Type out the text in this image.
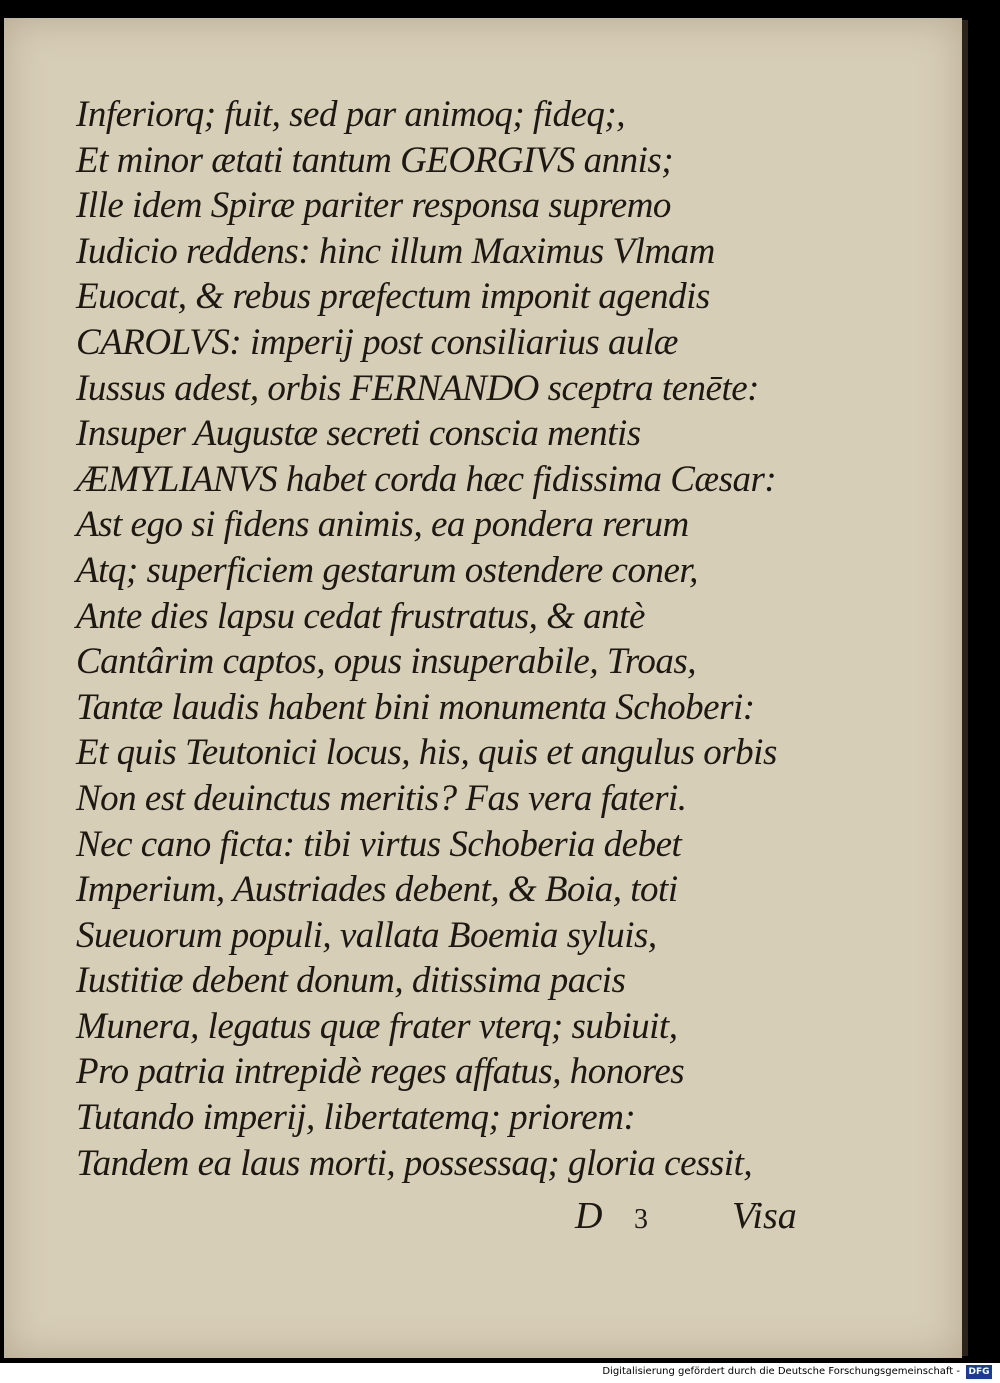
Inferiorq; fuit, sed par animoq; fideq;,
Et minor ætati tantum GEORGIVS annis;
Ille idem Spiræ pariter responsa supremo
Iudicio reddens: hinc illum Maximus Vlmam
Euocat, & rebus præfectum imponit agendis
CAROLVS: imperij post consiliarius aulæ
Iussus adest, orbis FERNANDO sceptra tenēte:
Insuper Augustæ secreti conscia mentis
ÆMYLIANVS habet corda hæc fidissima Cæsar:
Ast ego si fidens animis, ea pondera rerum
Atq; superficiem gestarum ostendere coner,
Ante dies lapsu cedat frustratus, & antè
Cantârim captos, opus insuperabile, Troas,
Tantæ laudis habent bini monumenta Schoberi:
Et quis Teutonici locus, his, quis et angulus orbis
Non est deuinctus meritis? Fas vera fateri.
Nec cano ficta: tibi virtus Schoberia debet
Imperium, Austriades debent, & Boia, toti
Sueuorum populi, vallata Boemia syluis,
Iustitiæ debent donum, ditissima pacis
Munera, legatus quæ frater vterq; subiuit,
Pro patria intrepidè reges affatus, honores
Tutando imperij, libertatemq; priorem:
Tandem ea laus morti, possessaq; gloria cessit,
D 3 Visa
Digitalisierung gefördert durch die Deutsche Forschungsgemeinschaft - DFG
